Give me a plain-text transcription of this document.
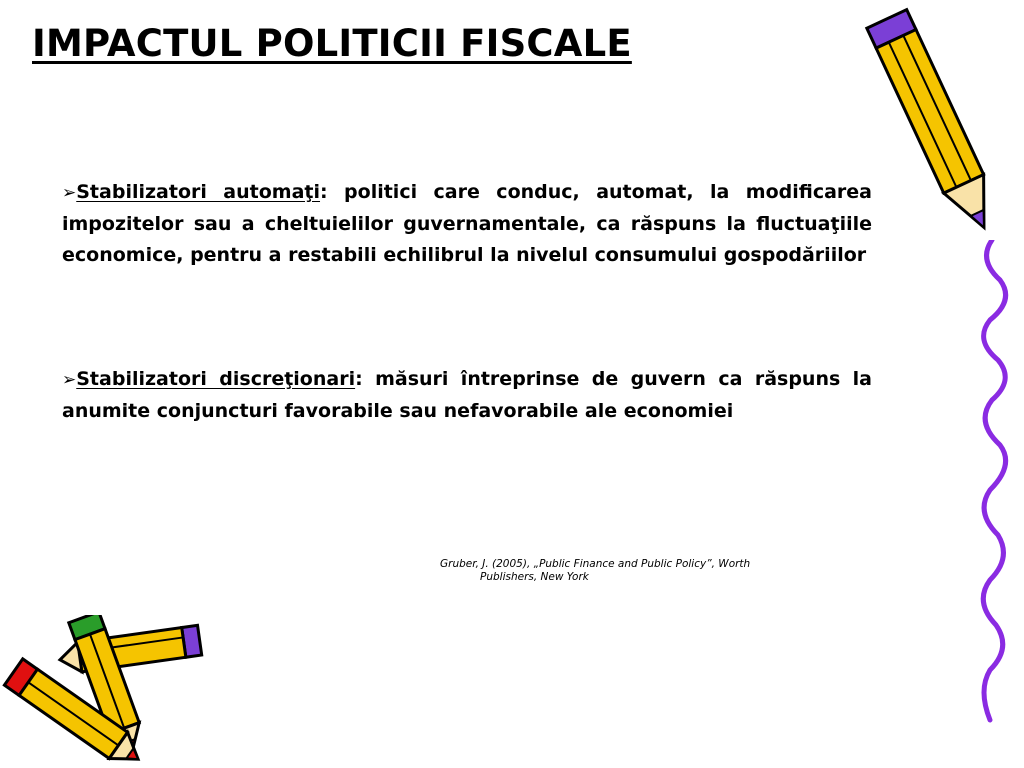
IMPACTUL POLITICII FISCALE
➢Stabilizatori automaţi: politici care conduc, automat, la modificarea impozitelor sau a cheltuielilor guvernamentale, ca răspuns la fluctuaţiile economice, pentru a restabili echilibrul la nivelul consumului gospodăriilor
➢Stabilizatori discreţionari: măsuri întreprinse de guvern ca răspuns la anumite conjuncturi favorabile sau nefavorabile ale economiei
Gruber, J. (2005), „Public Finance and Public Policy”, Worth
Publishers, New York
